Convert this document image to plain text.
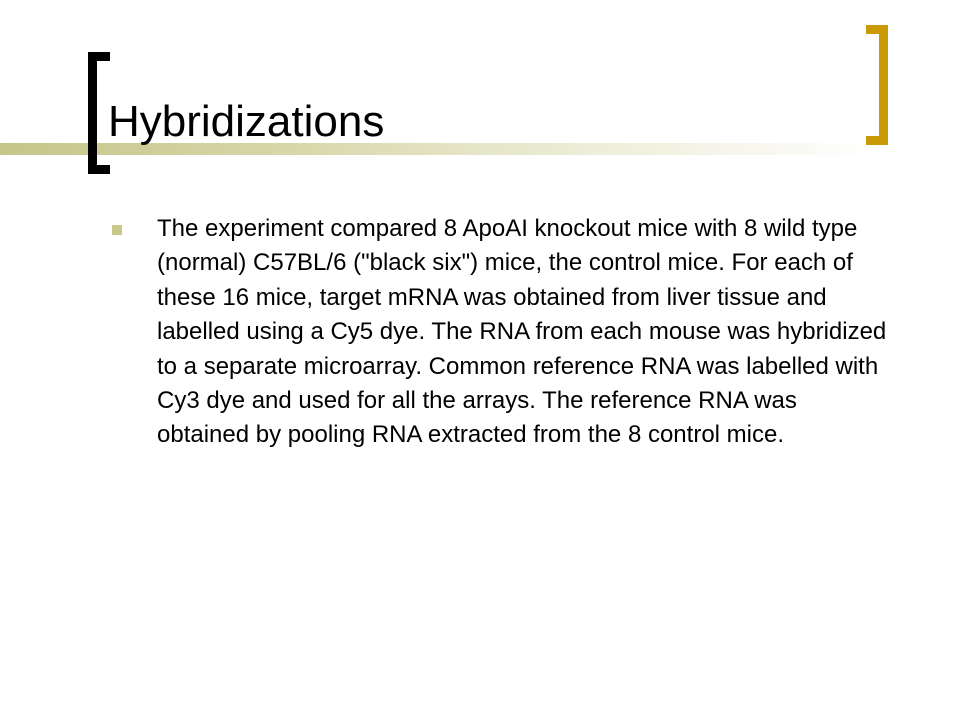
Hybridizations

The experiment compared 8 ApoAI knockout mice with 8 wild type (normal) C57BL/6 ("black six") mice, the control mice. For each of these 16 mice, target mRNA was obtained from liver tissue and labelled using a Cy5 dye. The RNA from each mouse was hybridized to a separate microarray. Common reference RNA was labelled with Cy3 dye and used for all the arrays. The reference RNA was obtained by pooling RNA extracted from the 8 control mice.
